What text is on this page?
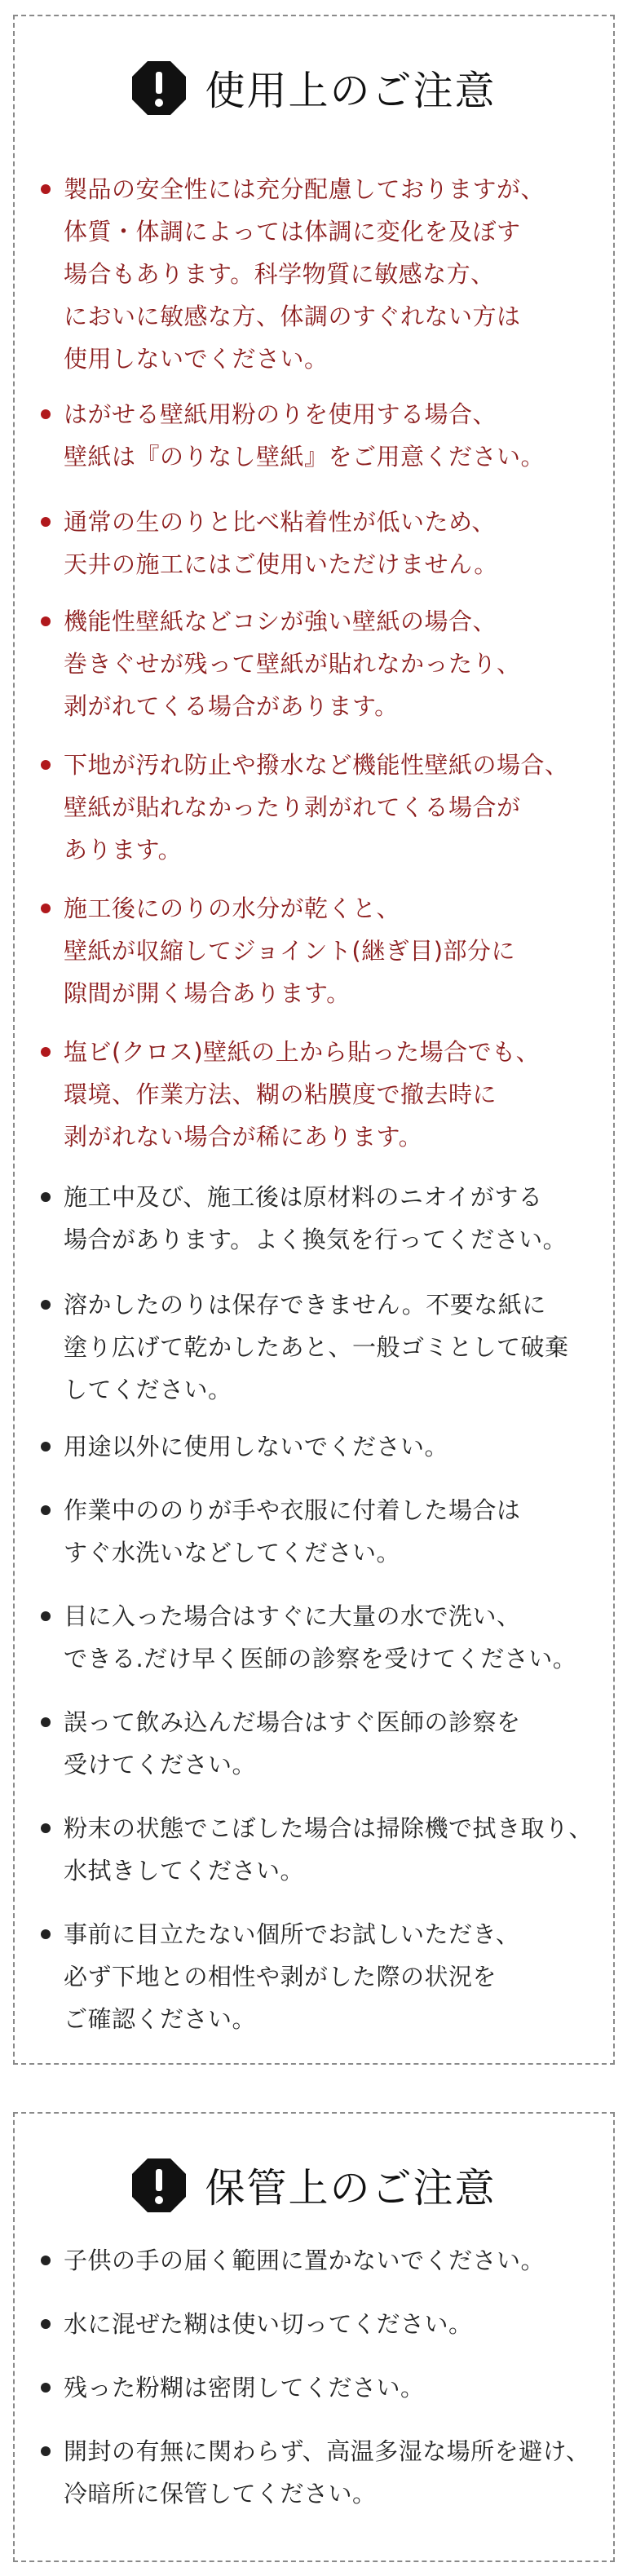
使用上のご注意
製品の安全性には充分配慮しておりますが、
体質・体調によっては体調に変化を及ぼす
場合もあります。科学物質に敏感な方、
においに敏感な方、体調のすぐれない方は
使用しないでください。
はがせる壁紙用粉のりを使用する場合、
壁紙は『のりなし壁紙』をご用意ください。
通常の生のりと比べ粘着性が低いため、
天井の施工にはご使用いただけません。
機能性壁紙などコシが強い壁紙の場合、
巻きぐせが残って壁紙が貼れなかったり、
剥がれてくる場合があります。
下地が汚れ防止や撥水など機能性壁紙の場合、
壁紙が貼れなかったり剥がれてくる場合が
あります。
施工後にのりの水分が乾くと、
壁紙が収縮してジョイント(継ぎ目)部分に
隙間が開く場合あります。
塩ビ(クロス)壁紙の上から貼った場合でも、
環境、作業方法、糊の粘膜度で撤去時に
剥がれない場合が稀にあります。
施工中及び、施工後は原材料のニオイがする
場合があります。よく換気を行ってください。
溶かしたのりは保存できません。不要な紙に
塗り広げて乾かしたあと、一般ゴミとして破棄
してください。
用途以外に使用しないでください。
作業中ののりが手や衣服に付着した場合は
すぐ水洗いなどしてください。
目に入った場合はすぐに大量の水で洗い、
できる.だけ早く医師の診察を受けてください。
誤って飲み込んだ場合はすぐ医師の診察を
受けてください。
粉末の状態でこぼした場合は掃除機で拭き取り、
水拭きしてください。
事前に目立たない個所でお試しいただき、
必ず下地との相性や剥がした際の状況を
ご確認ください。
保管上のご注意
子供の手の届く範囲に置かないでください。
水に混ぜた糊は使い切ってください。
残った粉糊は密閉してください。
開封の有無に関わらず、高温多湿な場所を避け、
冷暗所に保管してください。
